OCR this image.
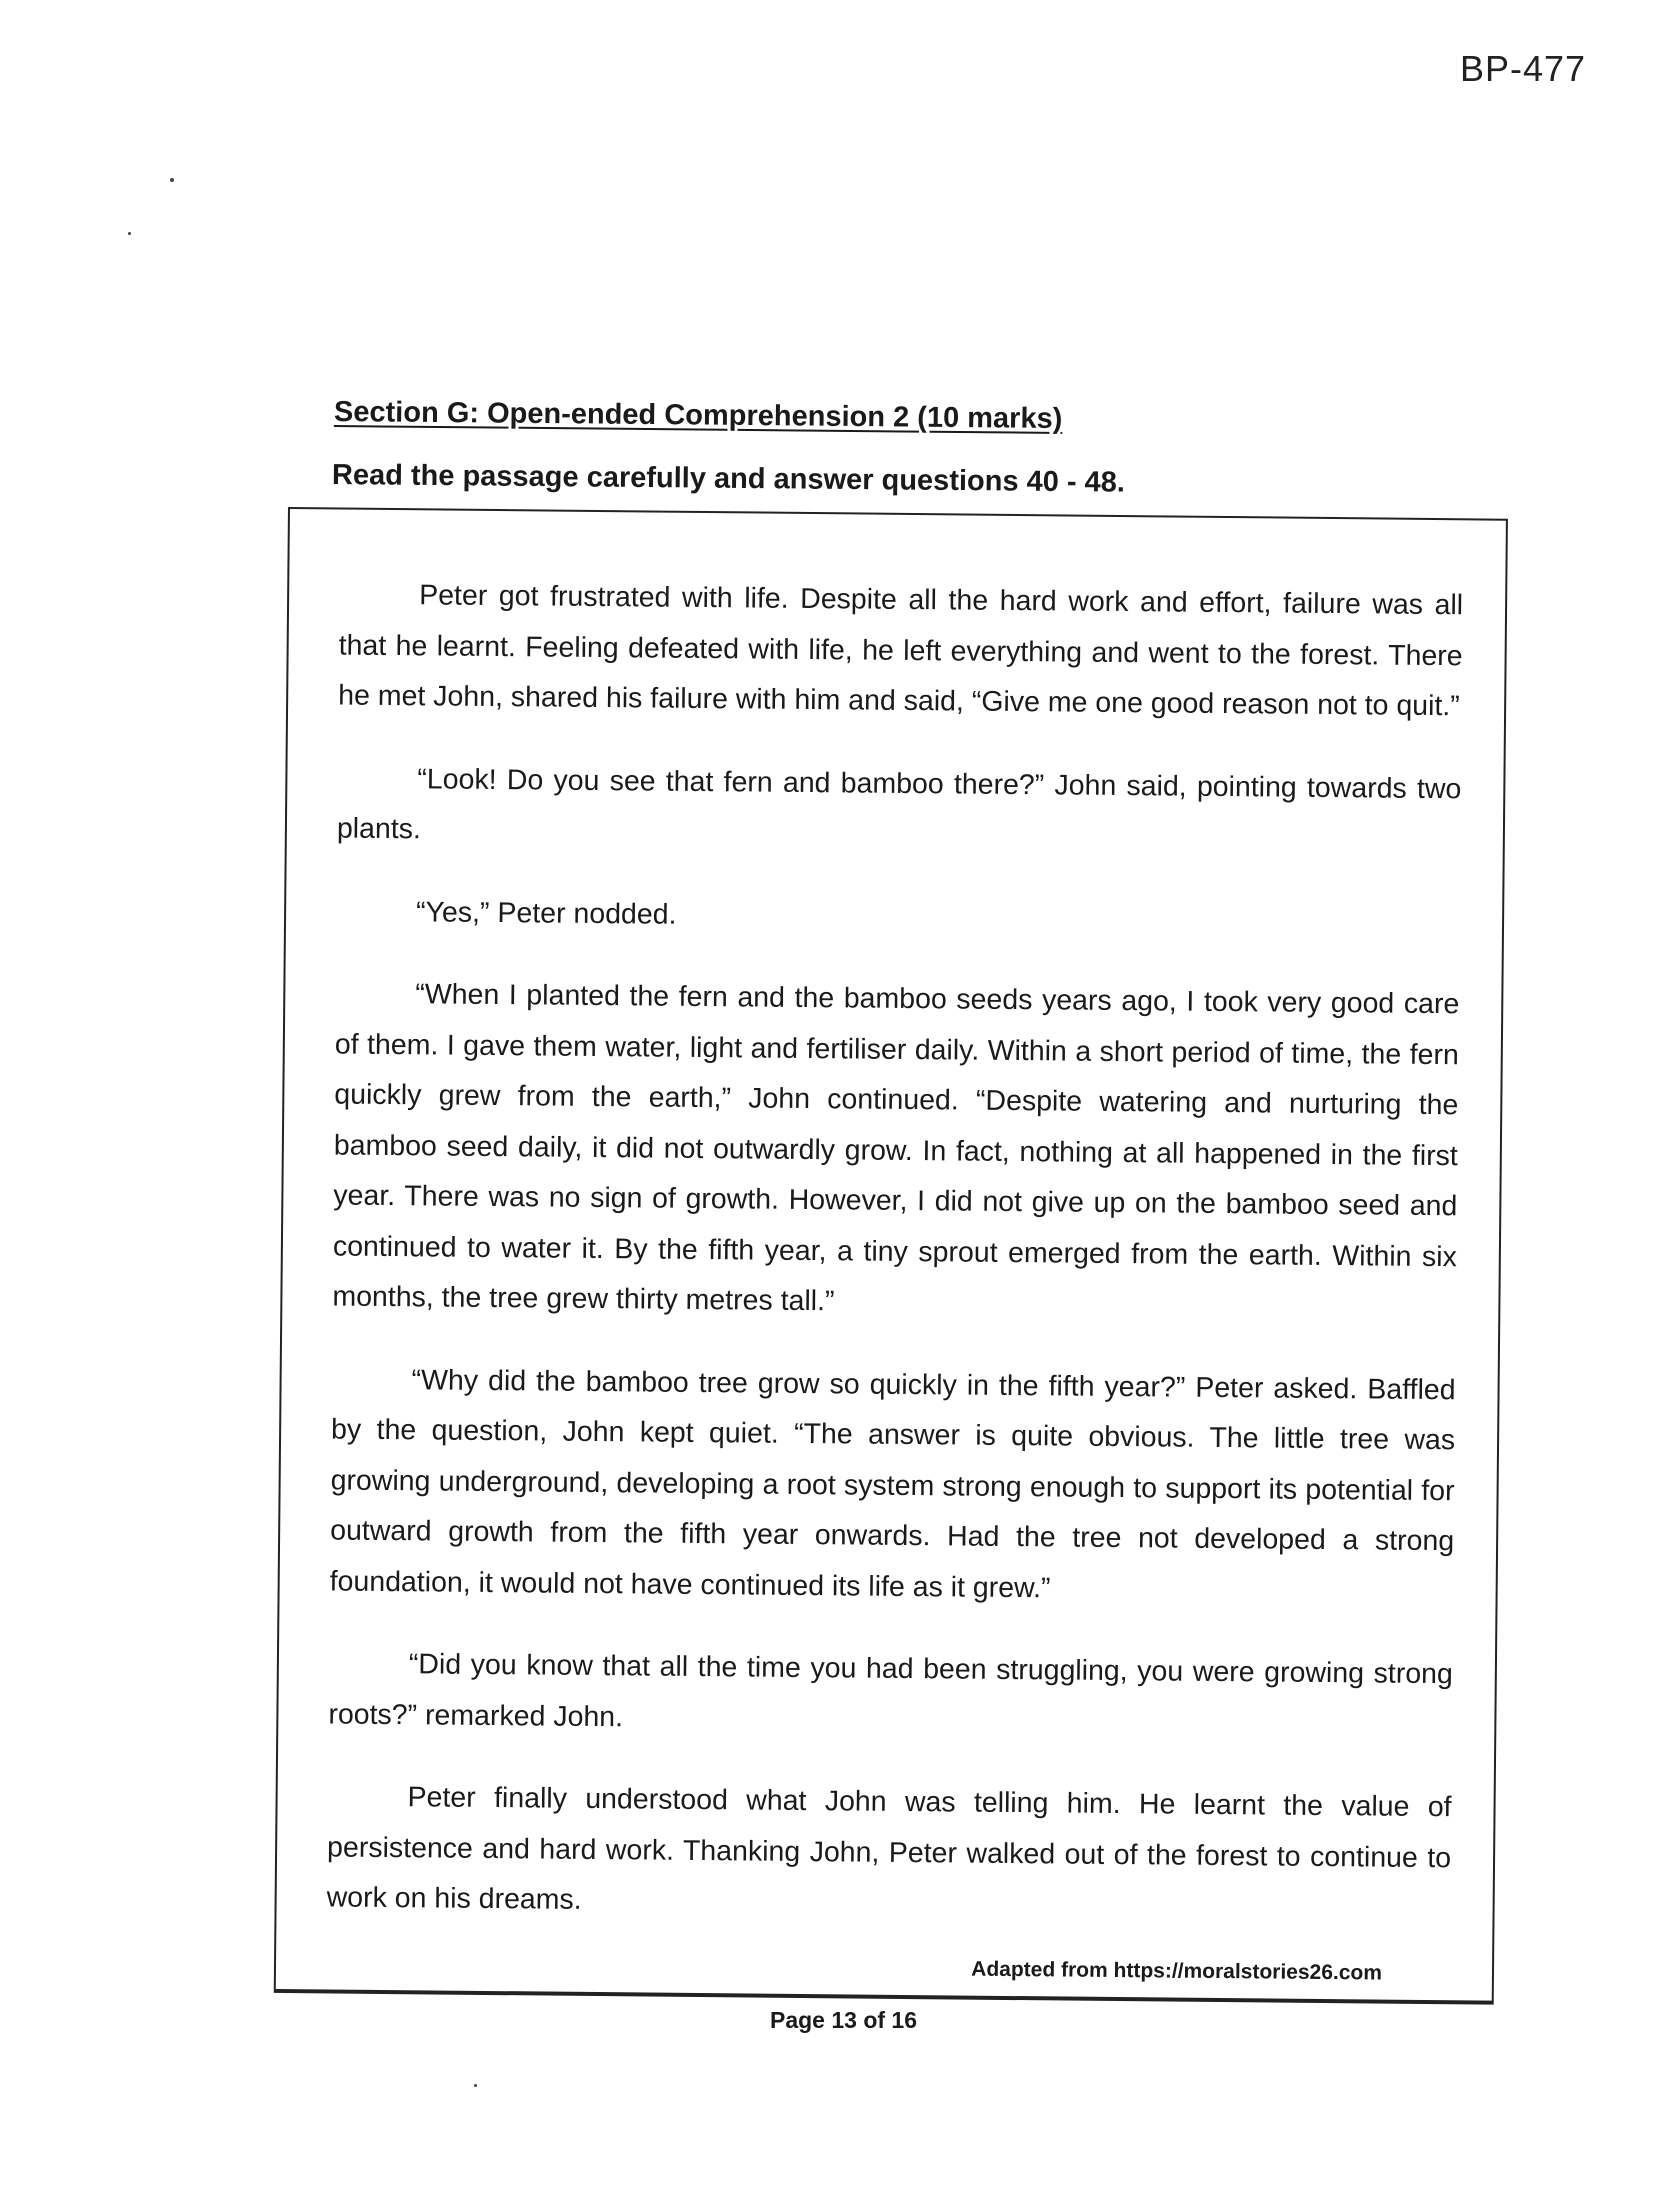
BP-477
Section G: Open-ended Comprehension 2 (10 marks)
Read the passage carefully and answer questions 40 - 48.

Peter got frustrated with life. Despite all the hard work and effort, failure was all that he learnt. Feeling defeated with life, he left everything and went to the forest. There he met John, shared his failure with him and said, “Give me one good reason not to quit.”

“Look! Do you see that fern and bamboo there?” John said, pointing towards two plants.

“Yes,” Peter nodded.

“When I planted the fern and the bamboo seeds years ago, I took very good care of them. I gave them water, light and fertiliser daily. Within a short period of time, the fern quickly grew from the earth,” John continued. “Despite watering and nurturing the bamboo seed daily, it did not outwardly grow. In fact, nothing at all happened in the first year. There was no sign of growth. However, I did not give up on the bamboo seed and continued to water it. By the fifth year, a tiny sprout emerged from the earth. Within six months, the tree grew thirty metres tall.”

“Why did the bamboo tree grow so quickly in the fifth year?” Peter asked. Baffled by the question, John kept quiet. “The answer is quite obvious. The little tree was growing underground, developing a root system strong enough to support its potential for outward growth from the fifth year onwards. Had the tree not developed a strong foundation, it would not have continued its life as it grew.”

“Did you know that all the time you had been struggling, you were growing strong roots?” remarked John.

Peter finally understood what John was telling him. He learnt the value of persistence and hard work. Thanking John, Peter walked out of the forest to continue to work on his dreams.

Adapted from https://moralstories26.com
Page 13 of 16
